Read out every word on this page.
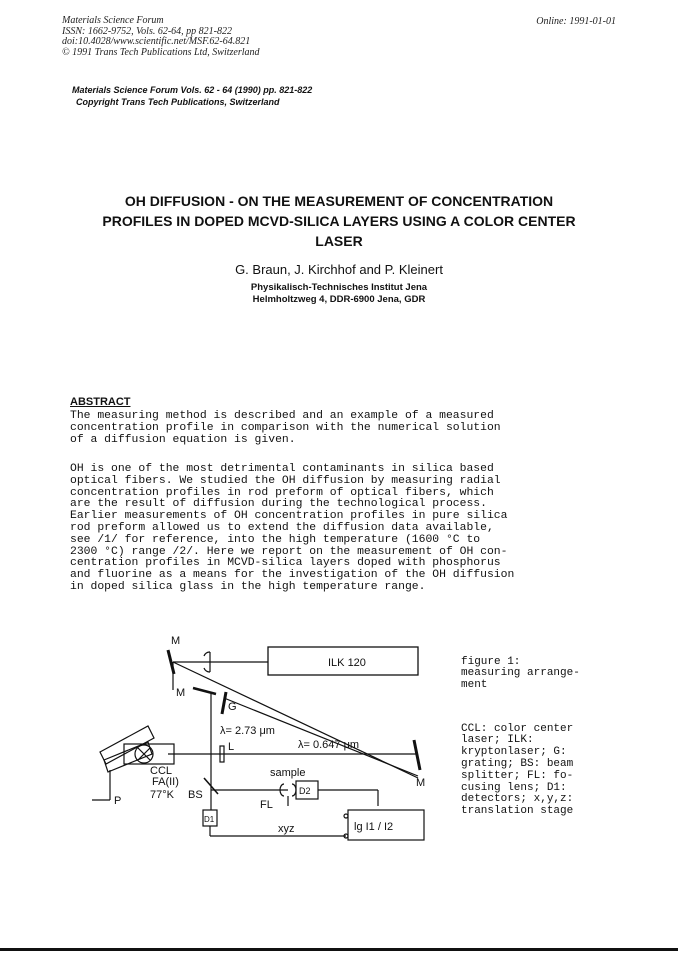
Materials Science Forum
ISSN: 1662-9752, Vols. 62-64, pp 821-822
doi:10.4028/www.scientific.net/MSF.62-64.821
© 1991 Trans Tech Publications Ltd, Switzerland
Online: 1991-01-01
Materials Science Forum Vols. 62 - 64 (1990) pp. 821-822
Copyright Trans Tech Publications, Switzerland
OH DIFFUSION - ON THE MEASUREMENT OF CONCENTRATION
PROFILES IN DOPED MCVD-SILICA LAYERS USING A COLOR CENTER
LASER
G. Braun, J. Kirchhof and P. Kleinert
Physikalisch-Technisches Institut Jena
Helmholtzweg 4, DDR-6900 Jena, GDR
ABSTRACT
The measuring method is described and an example of a measured
concentration profile in comparison with the numerical solution
of a diffusion equation is given.
OH is one of the most detrimental contaminants in silica based
optical fibers. We studied the OH diffusion by measuring radial
concentration profiles in rod preform of optical fibers, which
are the result of diffusion during the technological process.
Earlier measurements of OH concentration profiles in pure silica
rod preform allowed us to extend the diffusion data available,
see /1/ for reference, into the high temperature (1600 °C to
2300 °C) range /2/. Here we report on the measurement of OH con-
centration profiles in MCVD-silica layers doped with phosphorus
and fluorine as a means for the investigation of the OH diffusion
in doped silica glass in the high temperature range.
ILK 120
M
M
G
λ= 2.73 μm
λ= 0.647 μm
L
M
CCL
FA(II)
77°K BS
P
sample
FL
D2
D1
xyz	lg I1 / I2

figure 1:
measuring arrange-
ment

CCL: color center
laser; ILK:
kryptonlaser; G:
grating; BS: beam
splitter; FL: fo-
cusing lens; D1:
detectors; x,y,z:
translation stage
